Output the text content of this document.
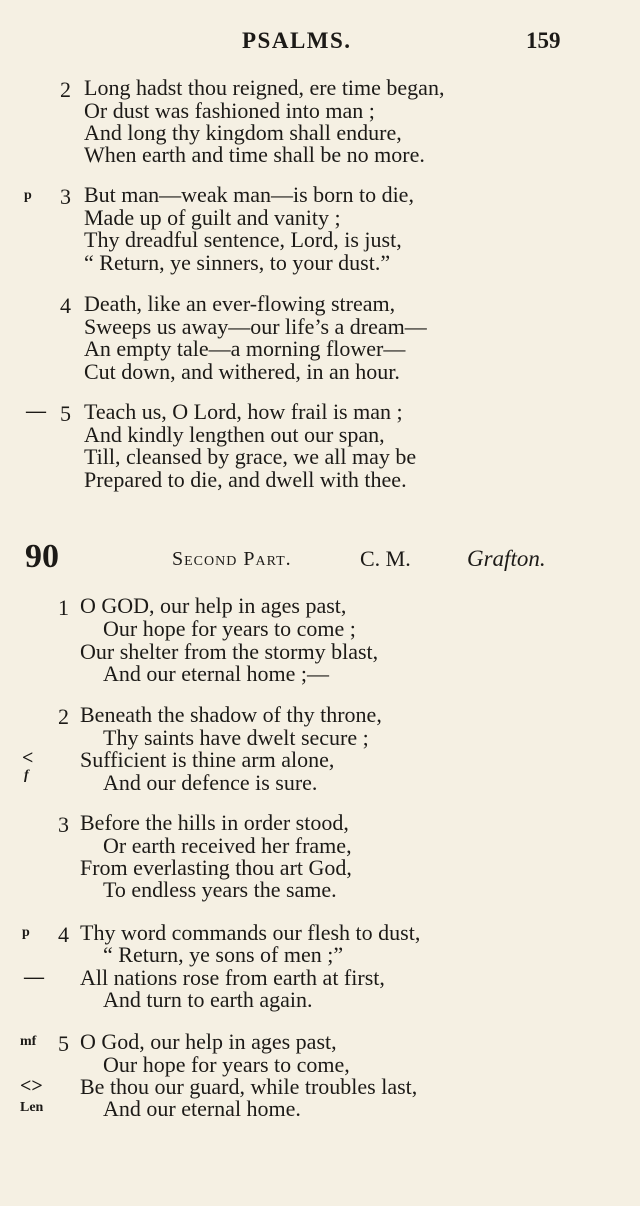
PSALMS.	159
2 Long hadst thou reigned, ere time began,
Or dust was fashioned into man ;
And long thy kingdom shall endure,
When earth and time shall be no more.
p 3 But man—weak man—is born to die,
Made up of guilt and vanity ;
Thy dreadful sentence, Lord, is just,
“ Return, ye sinners, to your dust.”
4 Death, like an ever-flowing stream,
Sweeps us away—our life’s a dream—
An empty tale—a morning flower—
Cut down, and withered, in an hour.
— 5 Teach us, O Lord, how frail is man ;
And kindly lengthen out our span,
Till, cleansed by grace, we all may be
Prepared to die, and dwell with thee.
90	Second Part.	C. M. Grafton.
1 O GOD, our help in ages past,
Our hope for years to come ;
Our shelter from the stormy blast,
And our eternal home ;—
2 Beneath the shadow of thy throne,
Thy saints have dwelt secure ;
< Sufficient is thine arm alone,
f	And our defence is sure.
3 Before the hills in order stood,
Or earth received her frame,
From everlasting thou art God,
To endless years the same.
p 4 Thy word commands our flesh to dust,
“ Return, ye sons of men ;”
— All nations rose from earth at first,
And turn to earth again.
mf 5 O God, our help in ages past,
Our hope for years to come,
<> Be thou our guard, while troubles last,
Len	And our eternal home.
